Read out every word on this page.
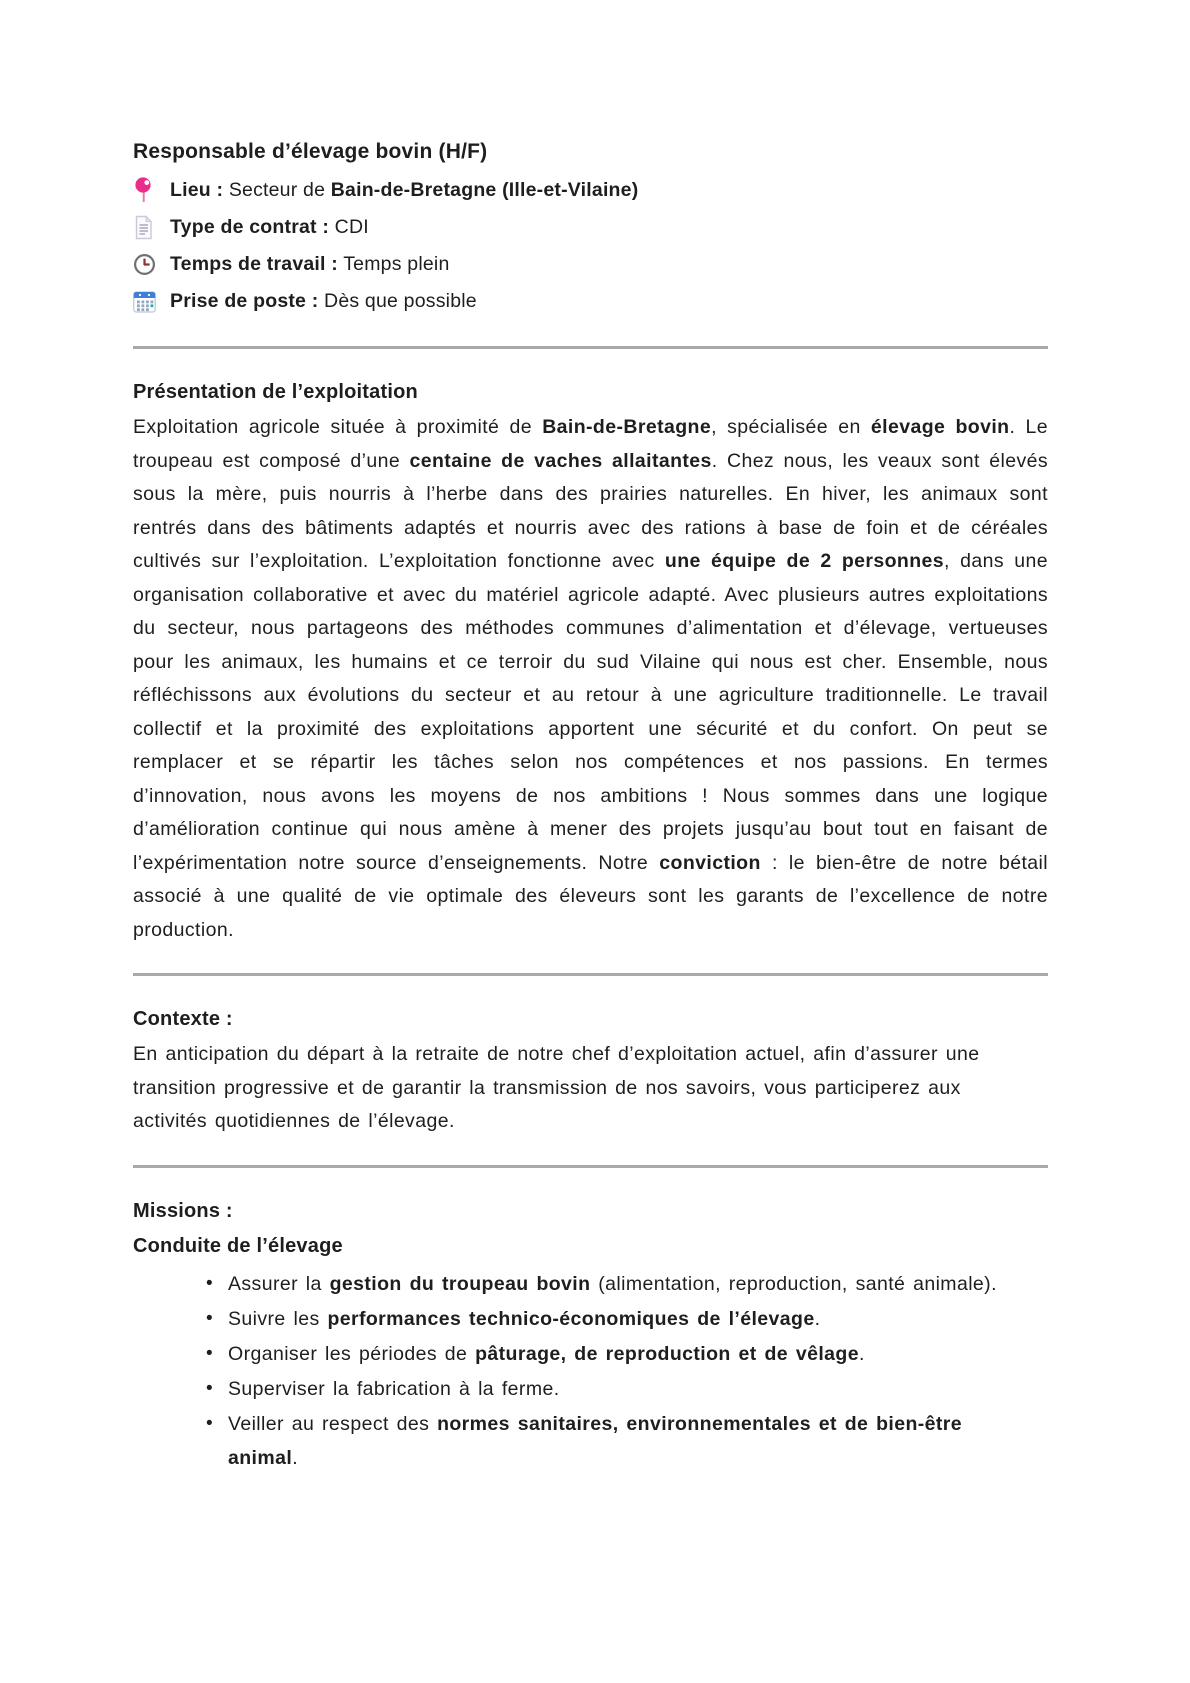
Responsable d’élevage bovin (H/F)
Lieu : Secteur de Bain-de-Bretagne (Ille-et-Vilaine)
Type de contrat : CDI
Temps de travail : Temps plein
Prise de poste : Dès que possible
Présentation de l’exploitation

Exploitation agricole située à proximité de Bain-de-Bretagne, spécialisée en élevage bovin. Le troupeau est composé d’une centaine de vaches allaitantes. Chez nous, les veaux sont élevés sous la mère, puis nourris à l’herbe dans des prairies naturelles. En hiver, les animaux sont rentrés dans des bâtiments adaptés et nourris avec des rations à base de foin et de céréales cultivés sur l’exploitation. L’exploitation fonctionne avec une équipe de 2 personnes, dans une organisation collaborative et avec du matériel agricole adapté. Avec plusieurs autres exploitations du secteur, nous partageons des méthodes communes d’alimentation et d’élevage, vertueuses pour les animaux, les humains et ce terroir du sud Vilaine qui nous est cher. Ensemble, nous réfléchissons aux évolutions du secteur et au retour à une agriculture traditionnelle. Le travail collectif et la proximité des exploitations apportent une sécurité et du confort. On peut se remplacer et se répartir les tâches selon nos compétences et nos passions. En termes d’innovation, nous avons les moyens de nos ambitions ! Nous sommes dans une logique d’amélioration continue qui nous amène à mener des projets jusqu’au bout tout en faisant de l’expérimentation notre source d’enseignements. Notre conviction : le bien-être de notre bétail associé à une qualité de vie optimale des éleveurs sont les garants de l’excellence de notre production.

Contexte :

En anticipation du départ à la retraite de notre chef d’exploitation actuel, afin d’assurer une transition progressive et de garantir la transmission de nos savoirs, vous participerez aux activités quotidiennes de l’élevage.

Missions :
Conduite de l’élevage
• Assurer la gestion du troupeau bovin (alimentation, reproduction, santé animale).
• Suivre les performances technico-économiques de l’élevage.
• Organiser les périodes de pâturage, de reproduction et de vêlage.
• Superviser la fabrication à la ferme.
• Veiller au respect des normes sanitaires, environnementales et de bien-être animal.
